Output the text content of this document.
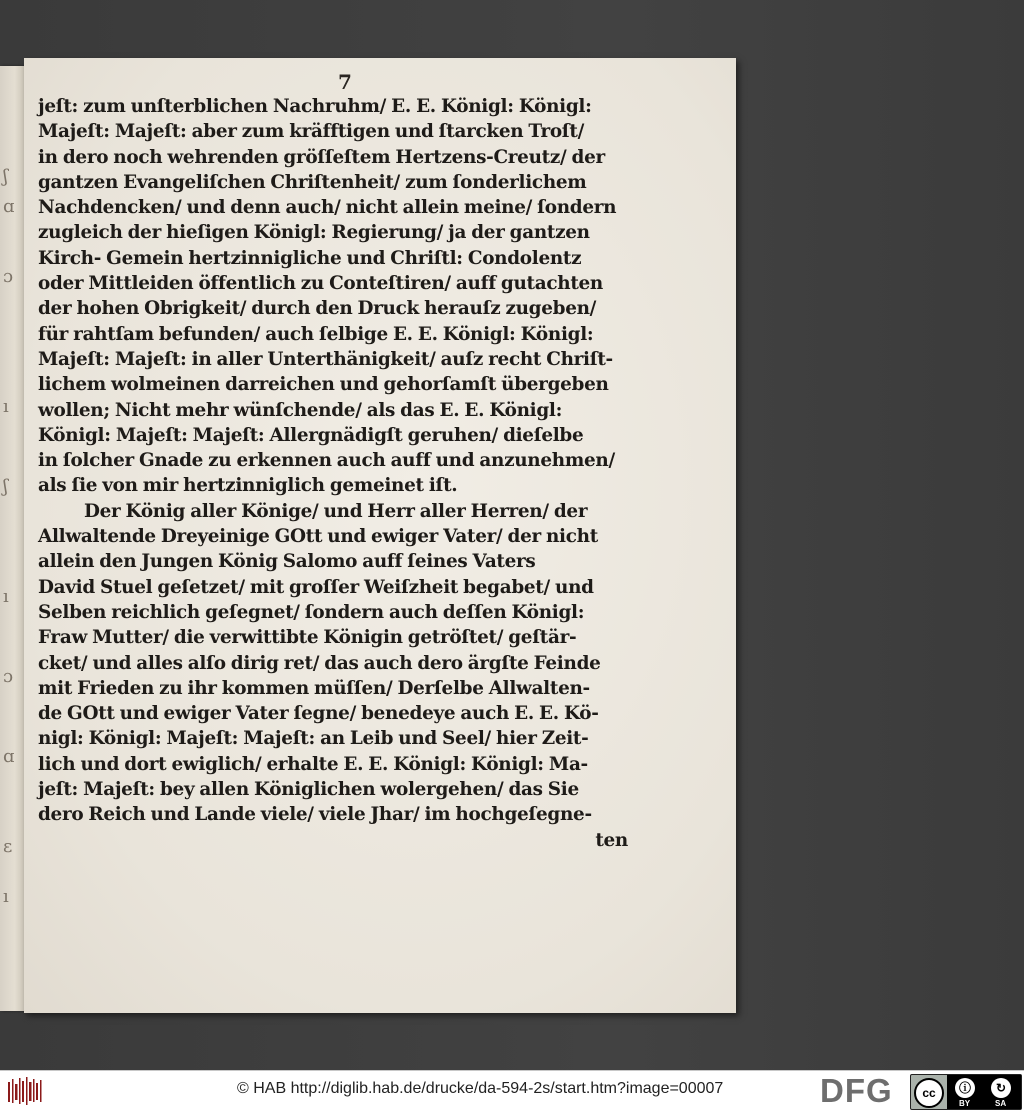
ʃ
ɑ
ɔ
ı
ʃ
ı
ɔ
ɑ
ɛ
ı
7
jeſt: zum unſterblichen Nachruhm/ E. E. Königl: Königl:
Majeſt: Majeſt: aber zum kräfftigen und ſtarcken Troſt/
in dero noch wehrenden gröſſeſtem Hertzens-Creutz/ der
gantzen Evangeliſchen Chriſtenheit/ zum ſonderlichem
Nachdencken/ und denn auch/ nicht allein meine/ ſondern
zugleich der hieſigen Königl: Regierung/ ja der gantzen
Kirch- Gemein hertzinnigliche und Chriſtl: Condolentz
oder Mittleiden öffentlich zu Conteſtiren/ auff gutachten
der hohen Obrigkeit/ durch den Druck herauſz zugeben/
für rahtſam befunden/ auch ſelbige E. E. Königl: Königl:
Majeſt: Majeſt: in aller Unterthänigkeit/ auſz recht Chriſt-
lichem wolmeinen darreichen und gehorſamſt übergeben
wollen; Nicht mehr wünſchende/ als das E. E. Königl:
Königl: Majeſt: Majeſt: Allergnädigſt geruhen/ dieſelbe
in ſolcher Gnade zu erkennen auch auff und anzunehmen/
als ſie von mir hertzinniglich gemeinet iſt.
Der König aller Könige/ und Herr aller Herren/ der
Allwaltende Dreyeinige GOtt und ewiger Vater/ der nicht
allein den Jungen König Salomo auff ſeines Vaters
David Stuel geſetzet/ mit groſſer Weiſzheit begabet/ und
Selben reichlich geſegnet/ ſondern auch deſſen Königl:
Fraw Mutter/ die verwittibte Königin getröſtet/ geſtär-
cket/ und alles alſo dirig ret/ das auch dero ärgſte Feinde
mit Frieden zu ihr kommen müſſen/ Derſelbe Allwalten-
de GOtt und ewiger Vater ſegne/ benedeye auch E. E. Kö-
nigl: Königl: Majeſt: Majeſt: an Leib und Seel/ hier Zeit-
lich und dort ewiglich/ erhalte E. E. Königl: Königl: Ma-
jeſt: Majeſt: bey allen Königlichen wolergehen/ das Sie
dero Reich und Lande viele/ viele Jhar/ im hochgeſegne-
ten
© HAB http://diglib.hab.de/drucke/da-594-2s/start.htm?image=00007	DFG	cc	ⓘ	↻
BY	SA
